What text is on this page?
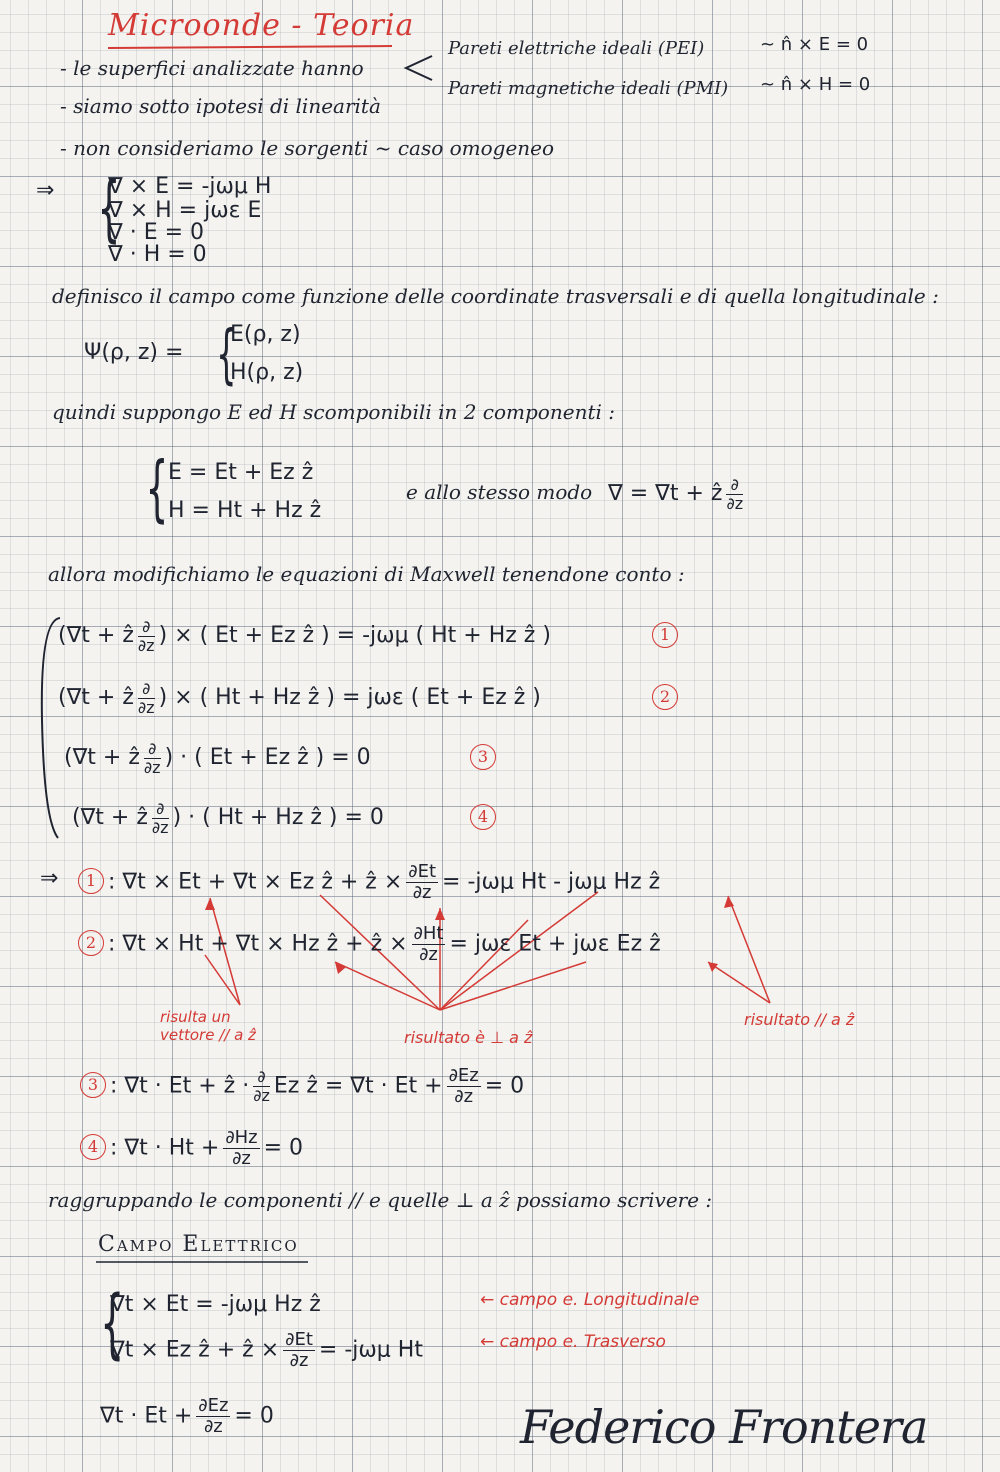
Microonde - Teoria
- le superfici analizzate hanno
Pareti elettriche ideali (PEI)	~ n̂ × E = 0
Pareti magnetiche ideali (PMI) ~ n̂ × H = 0
- siamo sotto ipotesi di linearità
- non consideriamo le sorgenti ~ caso omogeneo
⇒ {
∇ × E = -jωμ H
∇ × H = jωε E
∇ · E = 0
∇ · H = 0
definisco il campo come funzione delle coordinate trasversali e di quella longitudinale :
Ψ(ρ, z) = {
E(ρ, z)
H(ρ, z)
quindi suppongo E ed H scomponibili in 2 componenti :
{ E = Et + Ez ẑ
H = Ht + Hz ẑ
e allo stesso modo ∇ = ∇t + ẑ $\frac{\partial}{\partial z}$
allora modifichiamo le equazioni di Maxwell tenendone conto :
(∇t + ẑ $\frac{\partial}{\partial z}$ ) × ( Et + Ez ẑ ) = -jωμ ( Ht + Hz ẑ )	1
(∇t + ẑ $\frac{\partial}{\partial z}$ ) × ( Ht + Hz ẑ ) = jωε ( Et + Ez ẑ )	2
(∇t + ẑ $\frac{\partial}{\partial z}$ ) · ( Et + Ez ẑ ) = 0	3
(∇t + ẑ $\frac{\partial}{\partial z}$ ) · ( Ht + Hz ẑ ) = 0	4
⇒	1 : ∇t × Et + ∇t × Ez ẑ + ẑ × $\frac{\partial Et}{\partial z} = -j\omega\mu$ Ht - jωμ Hz ẑ
2 : ∇t × Ht + ∇t × Hz ẑ + ẑ × $\frac{\partial Ht}{\partial z} = j\omega\varepsilon$ Et + jωε Ez ẑ
risulta un
vettore // a ẑ	risultato è ⊥ a ẑ
risultato // a ẑ
3 : ∇t · Et + ẑ · $\frac{\partial}{\partial z}$ Ez ẑ = $\nabla t \cdot Et + \frac{\partial Ez}{\partial z} = 0$
4 : $\nabla t \cdot Ht + \frac{\partial Hz}{\partial z} = 0$
raggruppando le componenti // e quelle ⊥ a ẑ possiamo scrivere :
Campo Elettrico
{
∇t × Et = -jωμ Hz ẑ	← campo e. Longitudinale
∇t × Ez ẑ + ẑ × $\frac{\partial Et}{\partial z} = -j\omega\mu$ Ht	← campo e. Trasverso
$\nabla t \cdot Et + \frac{\partial Ez}{\partial z} = 0$	Federico Frontera
